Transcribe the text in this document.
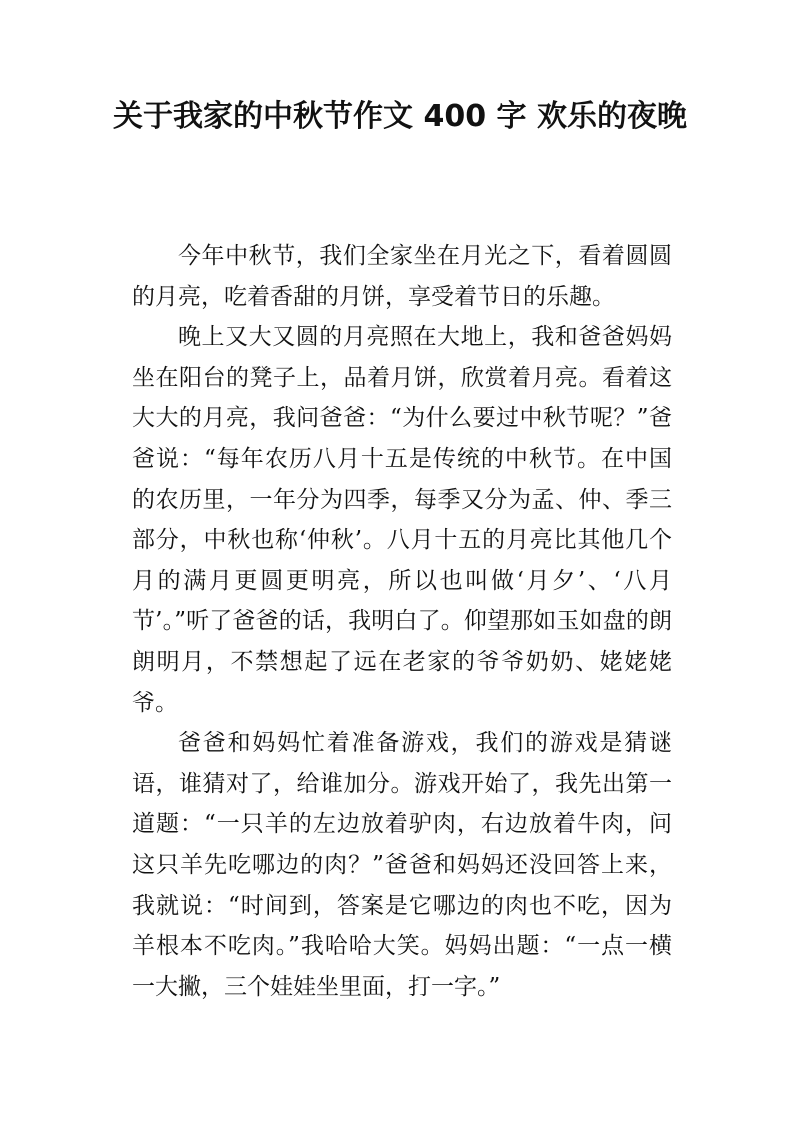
关于我家的中秋节作文 400 字 欢乐的夜晚

今年中秋节，我们全家坐在月光之下，看着圆圆的月亮，吃着香甜的月饼，享受着节日的乐趣。

晚上又大又圆的月亮照在大地上，我和爸爸妈妈坐在阳台的凳子上，品着月饼，欣赏着月亮。看着这大大的月亮，我问爸爸：“为什么要过中秋节呢？”爸爸说：“每年农历八月十五是传统的中秋节。在中国的农历里，一年分为四季，每季又分为孟、仲、季三部分，中秋也称‘仲秋’。八月十五的月亮比其他几个月的满月更圆更明亮，所以也叫做‘月夕’、‘八月节’。”听了爸爸的话，我明白了。仰望那如玉如盘的朗朗明月，不禁想起了远在老家的爷爷奶奶、姥姥姥爷。

爸爸和妈妈忙着准备游戏，我们的游戏是猜谜语，谁猜对了，给谁加分。游戏开始了，我先出第一道题：“一只羊的左边放着驴肉，右边放着牛肉，问这只羊先吃哪边的肉？”爸爸和妈妈还没回答上来，我就说：“时间到，答案是它哪边的肉也不吃，因为羊根本不吃肉。”我哈哈大笑。妈妈出题：“一点一横一大撇，三个娃娃坐里面，打一字。”
